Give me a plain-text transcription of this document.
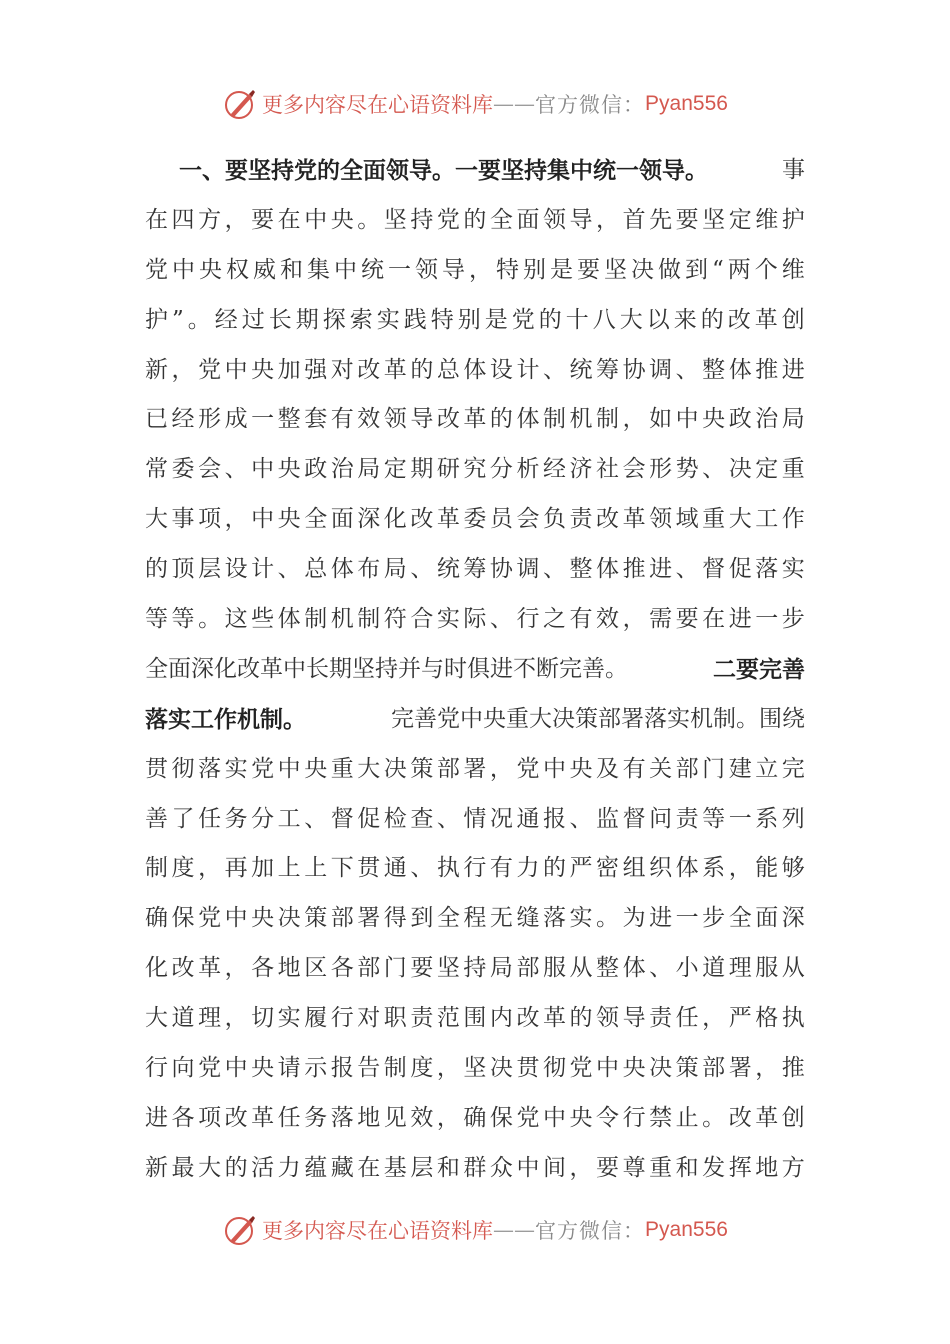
更多内容尽在心语资料库 —— 官方微信： Pyan556
一、要坚持党的全面领导。一要坚持集中统一领导。	事
在 四 方 ， 要 在 中 央 。 坚 持 党 的 全 面 领 导 ， 首 先 要 坚 定 维 护
党 中 央 权 威 和 集 中 统 一 领 导 ， 特 别 是 要 坚 决 做 到 “ 两 个 维
护 ” 。 经 过 长 期 探 索 实 践 特 别 是 党 的 十 八 大 以 来 的 改 革 创
新 ， 党 中 央 加 强 对 改 革 的 总 体 设 计 、 统 筹 协 调 、 整 体 推 进
已 经 形 成 一 整 套 有 效 领 导 改 革 的 体 制 机 制 ， 如 中 央 政 治 局
常 委 会 、 中 央 政 治 局 定 期 研 究 分 析 经 济 社 会 形 势 、 决 定 重
大 事 项 ， 中 央 全 面 深 化 改 革 委 员 会 负 责 改 革 领 域 重 大 工 作
的 顶 层 设 计 、 总 体 布 局 、 统 筹 协 调 、 整 体 推 进 、 督 促 落 实
等 等 。 这 些 体 制 机 制 符 合 实 际 、 行 之 有 效 ， 需 要 在 进 一 步
全面深化改革中长期坚持并与时俱进不断完善。	二要完善
落实工作机制。	完善党中央重大决策部署落实机制。围绕
贯 彻 落 实 党 中 央 重 大 决 策 部 署 ， 党 中 央 及 有 关 部 门 建 立 完
善 了 任 务 分 工 、 督 促 检 查 、 情 况 通 报 、 监 督 问 责 等 一 系 列
制 度 ， 再 加 上 上 下 贯 通 、 执 行 有 力 的 严 密 组 织 体 系 ， 能 够
确 保 党 中 央 决 策 部 署 得 到 全 程 无 缝 落 实 。 为 进 一 步 全 面 深
化 改 革 ， 各 地 区 各 部 门 要 坚 持 局 部 服 从 整 体 、 小 道 理 服 从
大 道 理 ， 切 实 履 行 对 职 责 范 围 内 改 革 的 领 导 责 任 ， 严 格 执
行 向 党 中 央 请 示 报 告 制 度 ， 坚 决 贯 彻 党 中 央 决 策 部 署 ， 推
进 各 项 改 革 任 务 落 地 见 效 ， 确 保 党 中 央 令 行 禁 止 。 改 革 创
新 最 大 的 活 力 蕴 藏 在 基 层 和 群 众 中 间 ， 要 尊 重 和 发 挥 地 方
更多内容尽在心语资料库 —— 官方微信： Pyan556
